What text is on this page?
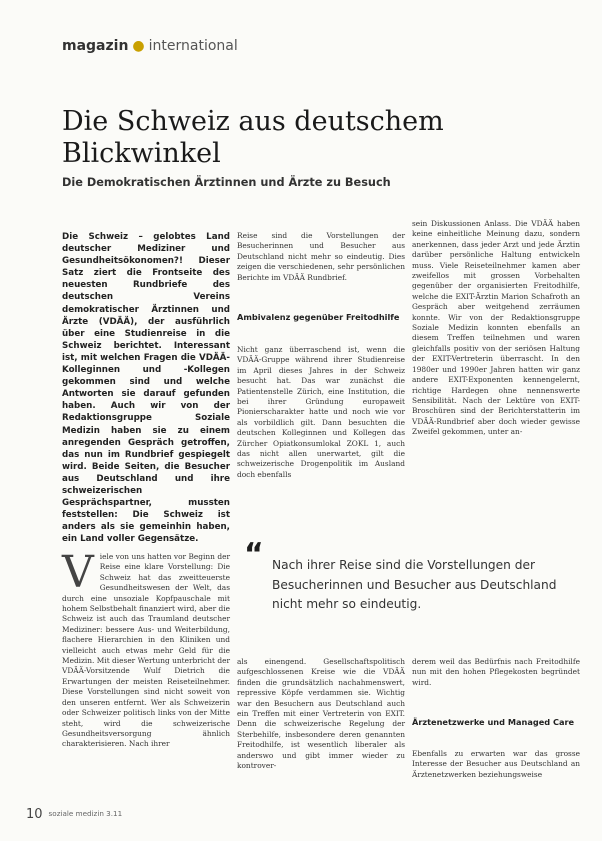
magazin ● international
Die Schweiz aus deutschem Blickwinkel
Die Demokratischen Ärztinnen und Ärzte zu Besuch
Die Schweiz – gelobtes Land deutscher Mediziner und Gesundheitsökonomen?! Dieser Satz ziert die Frontseite des neuesten Rundbriefe des deutschen Vereins demokratischer Ärztinnen und Ärzte (VDÄÄ), der ausführlich über eine Studienreise in die Schweiz berichtet. Interessant ist, mit welchen Fragen die VDÄÄ-Kolleginnen und -Kollegen gekommen sind und welche Antworten sie darauf gefunden haben. Auch wir von der Redaktionsgruppe Soziale Medizin haben sie zu einem anregenden Gespräch getroffen, das nun im Rundbrief gespiegelt wird. Beide Seiten, die Besucher aus Deutschland und ihre schweizerischen Gesprächspartner, mussten feststellen: Die Schweiz ist anders als sie gemeinhin haben, ein Land voller Gegensätze.
Reise sind die Vorstellungen der Besucherinnen und Besucher aus Deutschland nicht mehr so eindeutig. Dies zeigen die verschiedenen, sehr persönlichen Berichte im VDÄÄ Rundbrief.
Ambivalenz gegenüber Freitodhilfe
Nicht ganz überraschend ist, wenn die VDÄÄ-Gruppe während ihrer Studienreise im April dieses Jahres in der Schweiz besucht hat. Das war zunächst die Patientenstelle Zürich, eine Institution, die bei ihrer Gründung europaweit Pionierscharakter hatte und noch wie vor als vorbildlich gilt. Dann besuchten die deutschen Kolleginnen und Kollegen das Zürcher Opiatkonsumlokal ZOKL 1, auch das nicht allen unerwartet, gilt die schweizerische Drogenpolitik im Ausland doch ebenfalls
sein Diskussionen Anlass. Die VDÄÄ haben keine einheitliche Meinung dazu, sondern anerkennen, dass jeder Arzt und jede Ärztin darüber persönliche Haltung entwickeln muss. Viele Reiseteilnehmer kamen aber zweifellos mit grossen Vorbehalten gegenüber der organisierten Freitodhilfe, welche die EXIT-Ärztin Marion Schafroth an Gespräch aber weitgehend zerräumen konnte. Wir von der Redaktionsgruppe Soziale Medizin konnten ebenfalls an diesem Treffen teilnehmen und waren gleichfalls positiv von der seriösen Haltung der EXIT-Vertreterin überrascht. In den 1980er und 1990er Jahren hatten wir ganz andere EXIT-Exponenten kennengelernt, richtige Hardegen ohne nennenswerte Sensibilität. Nach der Lektüre von EXIT-Broschüren sind der Berichterstatterin im VDÄÄ-Rundbrief aber doch wieder gewisse Zweifel gekommen, unter an-
“ Nach ihrer Reise sind die Vorstellungen der Besucherinnen und Besucher aus Deutschland nicht mehr so eindeutig.
Viele von uns hatten vor Beginn der Reise eine klare Vorstellung: Die Schweiz hat das zweitteuerste Gesundheitswesen der Welt, das durch eine unsoziale Kopfpauschale mit hohem Selbstbehalt finanziert wird, aber die Schweiz ist auch das Traumland deutscher Mediziner: bessere Aus- und Weiterbildung, flachere Hierarchien in den Kliniken und vielleicht auch etwas mehr Geld für die Medizin. Mit dieser Wertung unterbricht der VDÄÄ-Vorsitzende Wulf Dietrich die Erwartungen der meisten Reiseteilnehmer. Diese Vorstellungen sind nicht soweit von den unseren entfernt. Wer als Schweizerin oder Schweizer politisch links von der Mitte steht, wird die schweizerische Gesundheitsversorgung ähnlich charakterisieren. Nach ihrer
als einengend. Gesellschaftspolitisch aufgeschlossenen Kreise wie die VDÄÄ finden die grundsätzlich nachahmenswert, repressive Köpfe verdammen sie. Wichtig war den Besuchern aus Deutschland auch ein Treffen mit einer Vertreterin von EXIT. Denn die schweizerische Regelung der Sterbehilfe, insbesondere deren genannten Freitodhilfe, ist wesentlich liberaler als anderswo und gibt immer wieder zu kontrover-
derem weil das Bedürfnis nach Freitodhilfe nun mit den hohen Pflegekosten begründet wird.
Ärztenetzwerke und Managed Care
Ebenfalls zu erwarten war das grosse Interesse der Besucher aus Deutschland an Ärztenetzwerken beziehungsweise
10 soziale medizin 3.11
